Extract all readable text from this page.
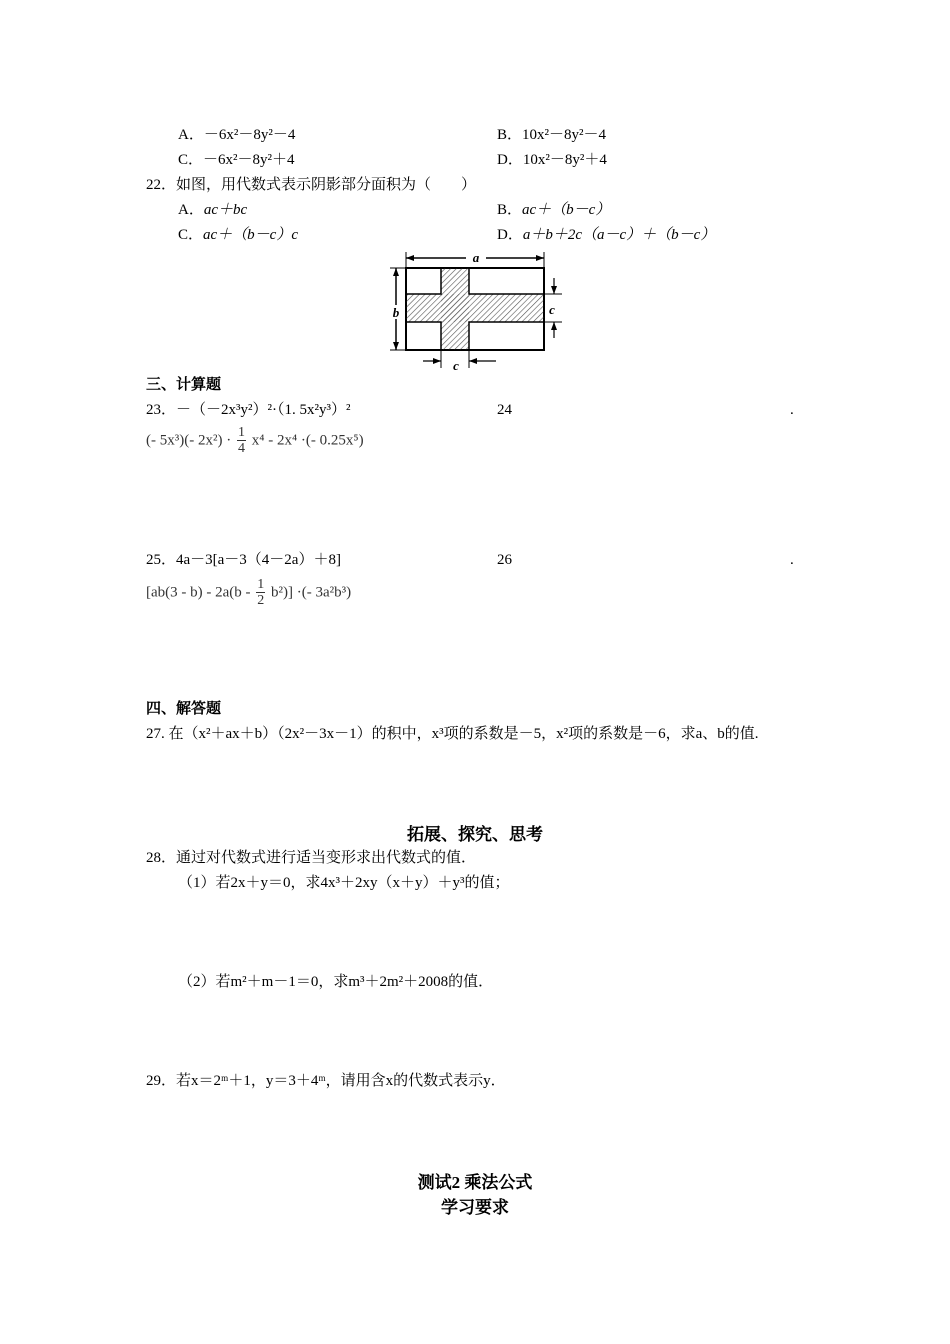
A．－6x²－8y²－4	B．10x²－8y²－4
C．－6x²－8y²＋4	D．10x²－8y²＋4
22．如图，用代数式表示阴影部分面积为（　　）
A．ac＋bc	B．ac＋（b－c）
C．ac＋（b－c）c	D．a＋b＋2c（a－c）＋（b－c）
a
b	c
c
三、计算题
23．－（－2x³y²）²·（1. 5x²y³）²	24	.
(- 5x³)(- $2x^2) \cdot \frac{1}{4} x^4 - 2x^4$ ·(- 0.25x⁵)
25．4a－3[a－3（4－2a）＋8]	26	.
$[ab(3 - b) - 2a(b - \frac{1}{2} b^2)]$ ·(- 3a²b³)
四、解答题
27. 在（x²＋ax＋b）（2x²－3x－1）的积中，x³项的系数是－5，x²项的系数是－6，求a、b的值.
拓展、探究、思考
28．通过对代数式进行适当变形求出代数式的值．
（1）若2x＋y＝0，求4x³＋2xy（x＋y）＋y³的值；
（2）若m²＋m－1＝0，求m³＋2m²＋2008的值．
29．若x＝2ᵐ＋1，y＝3＋4ᵐ，请用含x的代数式表示y．
测试2 乘法公式
学习要求
